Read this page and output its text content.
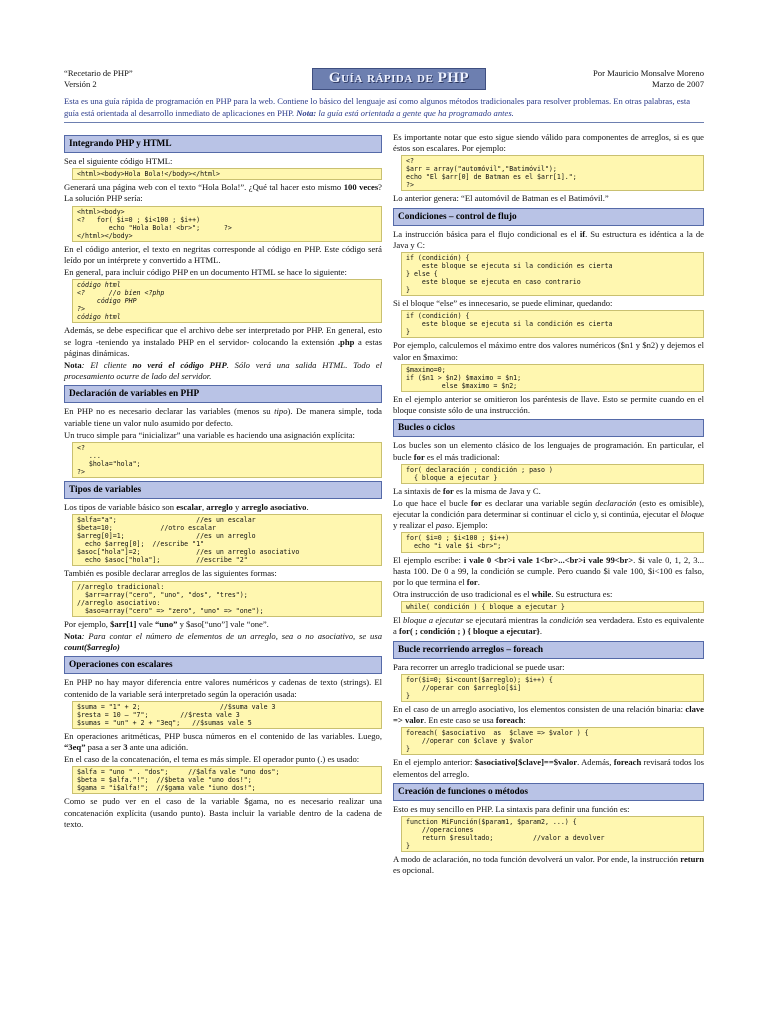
“Recetario de PHP”
Versión 2	Guía rápida de PHP	Por Mauricio Monsalve Moreno
Marzo de 2007
Esta es una guía rápida de programación en PHP para la web. Contiene lo básico del lenguaje así como algunos métodos tradicionales para resolver problemas. En otras palabras, esta guía está orientada al desarrollo inmediato de aplicaciones en PHP. Nota: la guía está orientada a gente que ha programado antes.
Integrando PHP y HTML

Sea el siguiente código HTML:

<html><body>Hola Bola!</body></html>

Generará una página web con el texto “Hola Bola!”. ¿Qué tal hacer esto mismo 100 veces? La solución PHP sería:

<html><body>
<?   for( $i=0 ; $i<100 ; $i++)
echo "Hola Bola! <br>";      ?>
</html></body>

En el código anterior, el texto en negritas corresponde al código en PHP. Este código será leído por un intérprete y convertido a HTML.

En general, para incluir código PHP en un documento HTML se hace lo siguiente:

código html
<?      //o bien <?php
código PHP
?>
código html

Además, se debe especificar que el archivo debe ser interpretado por PHP. En general, esto se logra -teniendo ya instalado PHP en el servidor- colocando la extensión .php a estas páginas dinámicas.

Nota: El cliente no verá el código PHP. Sólo verá una salida HTML. Todo el procesamiento ocurre de lado del servidor.

Declaración de variables en PHP

En PHP no es necesario declarar las variables (menos su tipo). De manera simple, toda variable tiene un valor nulo asumido por defecto.

Un truco simple para “inicializar” una variable es haciendo una asignación explícita:

<?
...
$hola="hola";
?>
Tipos de variables

Los tipos de variable básico son escalar, arreglo y arreglo asociativo.

$alfa="a";                    //es un escalar
$beta=10;            //otro escalar
$arreg[0]=1;                  //es un arreglo
echo $arreg[0];  //escribe "1"
$asoc["hola"]=2;              //es un arreglo asociativo
echo $asoc["hola"];         //escribe "2"

También es posible declarar arreglos de las siguientes formas:

//arreglo tradicional:
$arr=array("cero", "uno", "dos", "tres");
//arreglo asociativo:
$aso=array("cero" => "zero", "uno" => "one");

Por ejemplo, $arr[1] vale “uno” y $aso[“uno”] vale “one”.

Nota: Para contar el número de elementos de un arreglo, sea o no asociativo, se usa count($arreglo)

Operaciones con escalares

En PHP no hay mayor diferencia entre valores numéricos y cadenas de texto (strings). El contenido de la variable será interpretado según la operación usada:

$suma = "1" + 2;                    //$suma vale 3
$resta = 10 – "7";        //$resta vale 3
$sumas = "un" + 2 + "3eq";   //$sumas vale 5

En operaciones aritméticas, PHP busca números en el contenido de las variables. Luego, “3eq” pasa a ser 3 ante una adición.

En el caso de la concatenación, el tema es más simple. El operador punto (.) es usado:

$alfa = "uno " . "dos";     //$alfa vale "uno dos";
$beta = $alfa."!";  //$beta vale "uno dos!";
$gama = "i$alfa!";  //$gama vale "iuno dos!";

Como se pudo ver en el caso de la variable $gama, no es necesario realizar una concatenación explícita (usando punto). Basta incluir la variable dentro de la cadena de texto.

Es importante notar que esto sigue siendo válido para componentes de arreglos, si es que éstos son escalares. Por ejemplo:

<?
$arr = array("automóvil","Batimóvil");
echo "El $arr[0] de Batman es el $arr[1].";
?>

Lo anterior genera: “El automóvil de Batman es el Batimóvil.”

Condiciones – control de flujo

La instrucción básica para el flujo condicional es el if. Su estructura es idéntica a la de Java y C:

if (condición) {
este bloque se ejecuta si la condición es cierta
} else {
este bloque se ejecuta en caso contrario
}

Si el bloque “else” es innecesario, se puede eliminar, quedando:

if (condición) {
este bloque se ejecuta si la condición es cierta
}

Por ejemplo, calculemos el máximo entre dos valores numéricos ($n1 y $n2) y dejemos el valor en $maximo:

$maximo=0;
if ($n1 > $n2) $maximo = $n1;
else $maximo = $n2;

En el ejemplo anterior se omitieron los paréntesis de llave. Esto se permite cuando en el bloque consiste sólo de una instrucción.

Bucles o ciclos

Los bucles son un elemento clásico de los lenguajes de programación. En particular, el bucle for es el más tradicional:

for( declaración ; condición ; paso )
{ bloque a ejecutar }

La sintaxis de for es la misma de Java y C.

Lo que hace el bucle for es declarar una variable según declaración (esto es omisible), ejecutar la condición para determinar si continuar el ciclo y, si continúa, ejecutar el bloque y realizar el paso. Ejemplo:

for( $i=0 ; $i<100 ; $i++)
echo "i vale $i <br>";

El ejemplo escribe: i vale 0 <br>i vale 1<br>...<br>i vale 99<br>. $i vale 0, 1, 2, 3... hasta 100. De 0 a 99, la condición se cumple. Pero cuando $i vale 100, $i<100 es falso, por lo que termina el for.

Otra instrucción de uso tradicional es el while. Su estructura es:

while( condición ) { bloque a ejecutar }

El bloque a ejecutar se ejecutará mientras la condición sea verdadera. Esto es equivalente a for( ; condición ; ) { bloque a ejecutar}.

Bucle recorriendo arreglos – foreach

Para recorrer un arreglo tradicional se puede usar:

for($i=0; $i<count($arreglo); $i++) {
//operar con $arreglo[$i]
}

En el caso de un arreglo asociativo, los elementos consisten de una relación binaria: clave => valor. En este caso se usa foreach:

foreach( $asociativo  as  $clave => $valor ) {
//operar con $clave y $valor
}

En el ejemplo anterior: $asociativo[$clave]==$valor. Además, foreach revisará todos los elementos del arreglo.

Creación de funciones o métodos

Esto es muy sencillo en PHP. La sintaxis para definir una función es:

function MiFunción($param1, $param2, ...) {
//operaciones
return $resultado;          //valor a devolver
}

A modo de aclaración, no toda función devolverá un valor. Por ende, la instrucción return es opcional.
